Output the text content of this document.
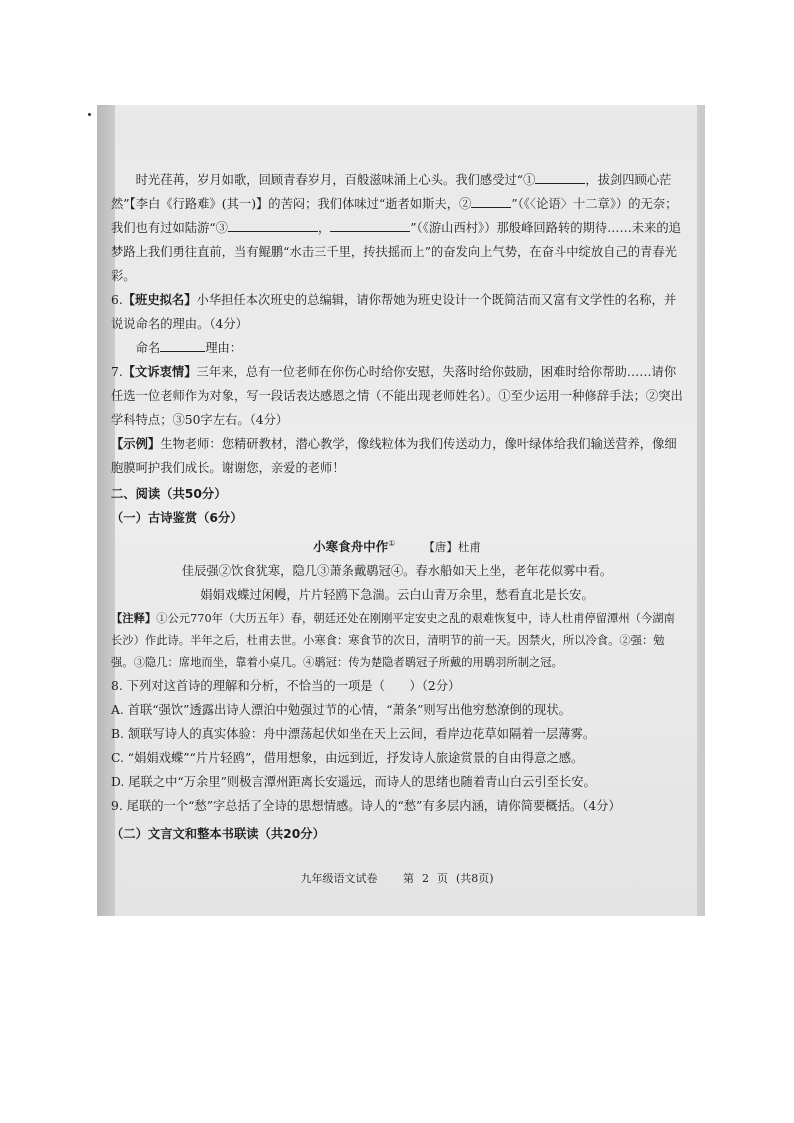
时光荏苒，岁月如歌，回顾青春岁月，百般滋味涌上心头。我们感受过“①	，拔剑四顾心茫然”【李白《行路难》(其一)】的苦闷；我们体味过“逝者如斯夫，②	”（《〈论语〉十二章》）的无奈；我们也有过如陆游“③	，	”（《游山西村》）那般峰回路转的期待……未来的追梦路上我们勇往直前，当有鲲鹏“水击三千里，抟扶摇而上”的奋发向上气势，在奋斗中绽放自己的青春光彩。

6.【班史拟名】小华担任本次班史的总编辑，请你帮她为班史设计一个既简洁而又富有文学性的名称，并说说命名的理由。（4分）

命名	理由：

7.【文诉衷情】三年来，总有一位老师在你伤心时给你安慰，失落时给你鼓励，困难时给你帮助……请你任选一位老师作为对象，写一段话表达感恩之情（不能出现老师姓名）。①至少运用一种修辞手法；②突出学科特点；③50字左右。（4分）

【示例】生物老师：您精研教材，潜心教学，像线粒体为我们传送动力，像叶绿体给我们输送营养，像细胞膜呵护我们成长。谢谢您，亲爱的老师！

二、阅读（共50分）

（一）古诗鉴赏（6分）

小寒食舟中作① 【唐】杜甫

佳辰强②饮食犹寒，隐几③萧条戴鹖冠④。春水船如天上坐，老年花似雾中看。

娟娟戏蝶过闲幔，片片轻鸥下急湍。云白山青万余里，愁看直北是长安。

【注释】①公元770年（大历五年）春，朝廷还处在刚刚平定安史之乱的艰难恢复中，诗人杜甫停留潭州（今湖南长沙）作此诗。半年之后，杜甫去世。小寒食：寒食节的次日，清明节的前一天。因禁火，所以冷食。②强：勉强。③隐几：席地而坐，靠着小桌几。④鹖冠：传为楚隐者鹖冠子所戴的用鹖羽所制之冠。

8. 下列对这首诗的理解和分析，不恰当的一项是（　　）（2分）

A. 首联“强饮”透露出诗人漂泊中勉强过节的心情，“萧条”则写出他穷愁潦倒的现状。

B. 颔联写诗人的真实体验：舟中漂荡起伏如坐在天上云间，看岸边花草如隔着一层薄雾。

C. “娟娟戏蝶”“片片轻鸥”，借用想象，由远到近，抒发诗人旅途赏景的自由得意之感。

D. 尾联之中“万余里”则极言潭州距离长安遥远，而诗人的思绪也随着青山白云引至长安。

9. 尾联的一个“愁”字总括了全诗的思想情感。诗人的“愁”有多层内涵，请你简要概括。（4分）

（二）文言文和整本书联读（共20分）

九年级语文试卷 第 2 页 (共8页)
